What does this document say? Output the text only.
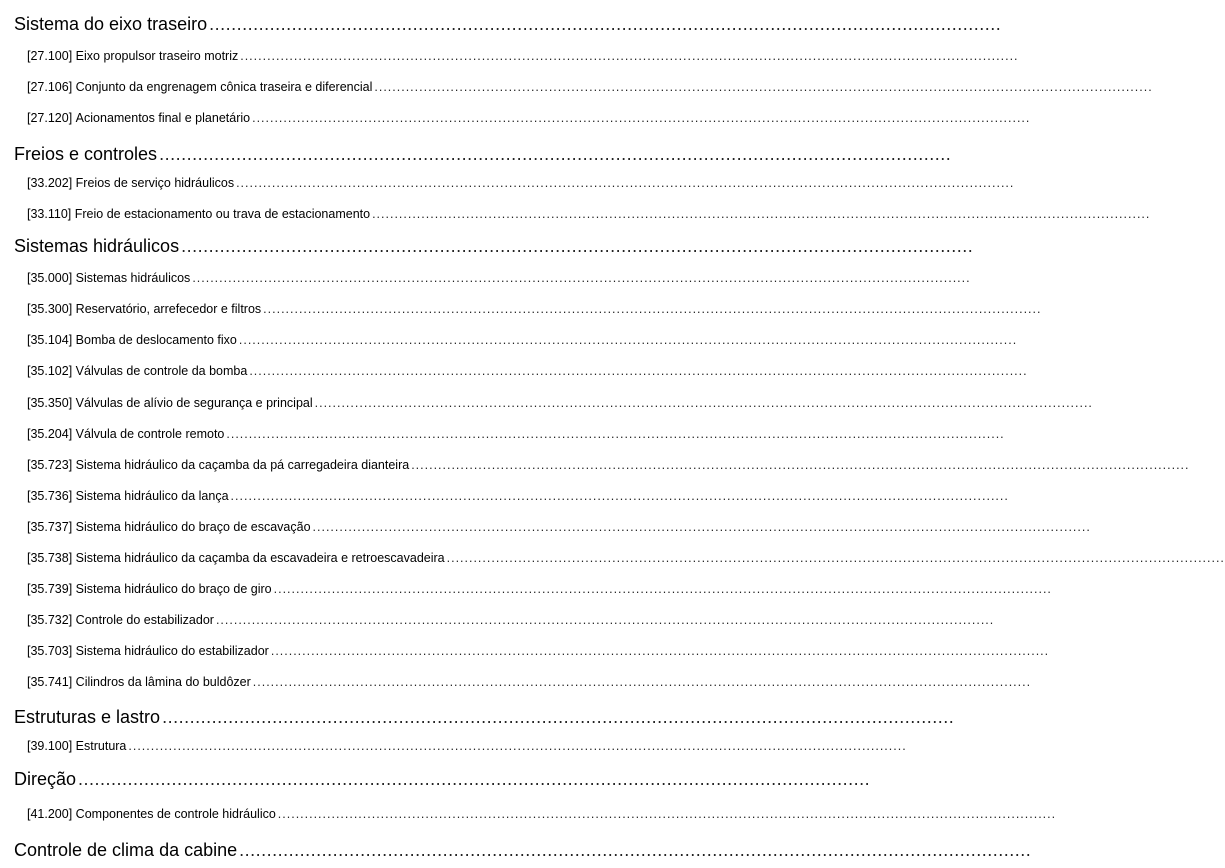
Sistema do eixo traseiro ................................................................................................................................................
[27.100]
Eixo propulsor traseiro motriz ..............................................................................................................................................................................
[27.106]
Conjunto da engrenagem cônica traseira e diferencial ..............................................................................................................................................................................
[27.120]
Acionamentos final e planetário ..............................................................................................................................................................................
Freios e controles ................................................................................................................................................
[33.202]
Freios de serviço hidráulicos ..............................................................................................................................................................................
[33.110]
Freio de estacionamento ou trava de estacionamento ..............................................................................................................................................................................
Sistemas hidráulicos ................................................................................................................................................
[35.000]
Sistemas hidráulicos ..............................................................................................................................................................................
[35.300]
Reservatório, arrefecedor e filtros ..............................................................................................................................................................................
[35.104]
Bomba de deslocamento fixo ..............................................................................................................................................................................
[35.102]
Válvulas de controle da bomba ..............................................................................................................................................................................
[35.350]
Válvulas de alívio de segurança e principal ..............................................................................................................................................................................
[35.204]
Válvula de controle remoto ..............................................................................................................................................................................
[35.723]
Sistema hidráulico da caçamba da pá carregadeira dianteira ..............................................................................................................................................................................
[35.736]
Sistema hidráulico da lança ..............................................................................................................................................................................
[35.737]
Sistema hidráulico do braço de escavação ..............................................................................................................................................................................
[35.738]
Sistema hidráulico da caçamba da escavadeira e retroescavadeira ..............................................................................................................................................................................
[35.739]
Sistema hidráulico do braço de giro ..............................................................................................................................................................................
[35.732]
Controle do estabilizador ..............................................................................................................................................................................
[35.703]
Sistema hidráulico do estabilizador ..............................................................................................................................................................................
[35.741]
Cilindros da lâmina do buldôzer ..............................................................................................................................................................................
Estruturas e lastro ................................................................................................................................................
[39.100]
Estrutura ..............................................................................................................................................................................
Direção ................................................................................................................................................
[41.200]
Componentes de controle hidráulico ..............................................................................................................................................................................
Controle de clima da cabine ................................................................................................................................................
